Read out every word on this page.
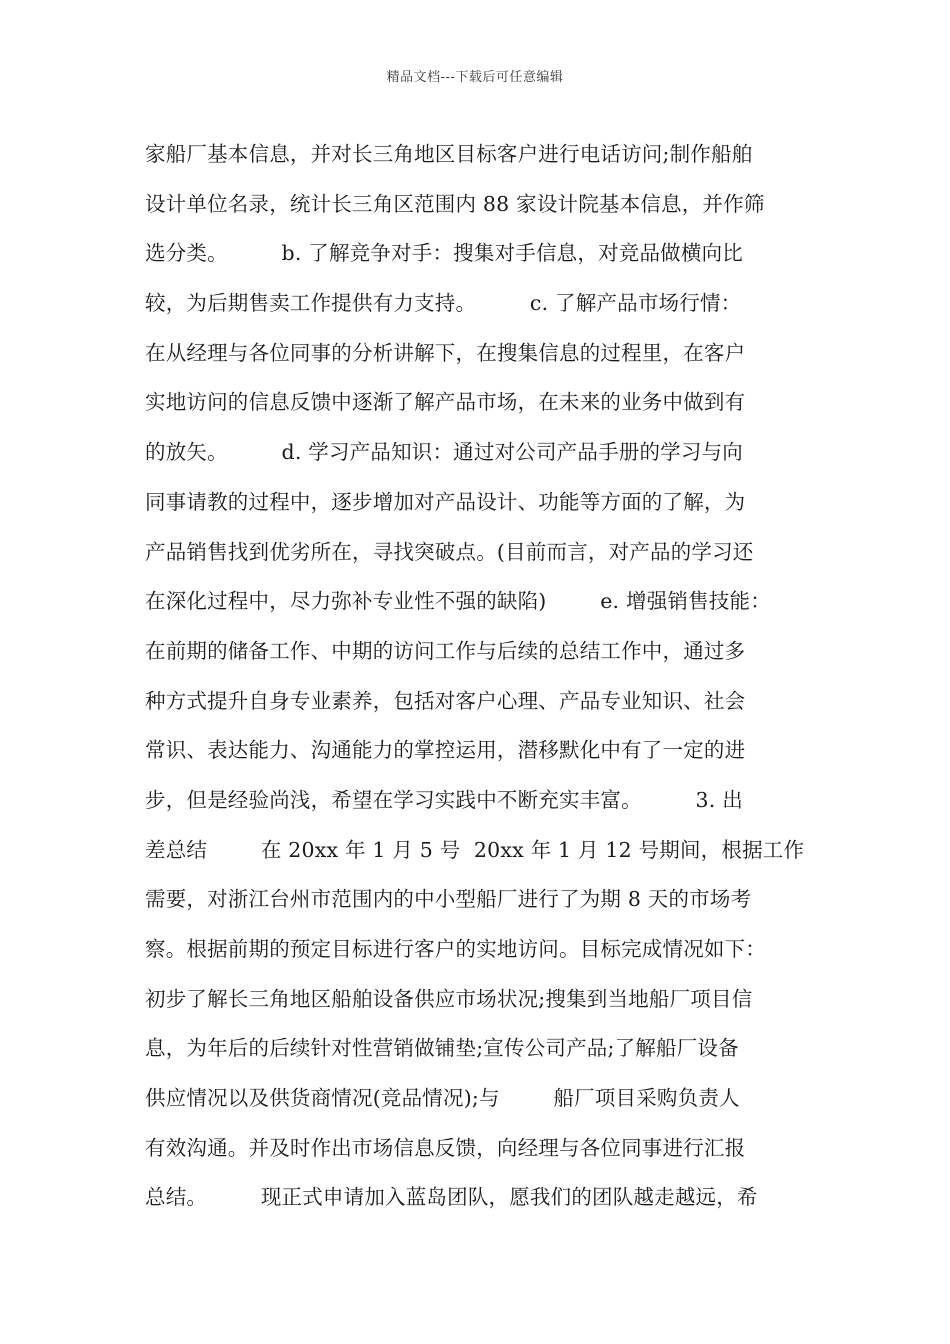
精品文档---下载后可任意编辑
家船厂基本信息，并对长三角地区目标客户进行电话访问;制作船舶
设计单位名录，统计长三角区范围内 88 家设计院基本信息，并作筛
选分类。        b. 了解竞争对手：搜集对手信息，对竞品做横向比
较，为后期售卖工作提供有力支持。        c. 了解产品市场行情：
在从经理与各位同事的分析讲解下，在搜集信息的过程里，在客户
实地访问的信息反馈中逐渐了解产品市场，在未来的业务中做到有
的放矢。        d. 学习产品知识：通过对公司产品手册的学习与向
同事请教的过程中，逐步增加对产品设计、功能等方面的了解，为
产品销售找到优劣所在，寻找突破点。(目前而言，对产品的学习还
在深化过程中，尽力弥补专业性不强的缺陷)        e. 增强销售技能：
在前期的储备工作、中期的访问工作与后续的总结工作中，通过多
种方式提升自身专业素养，包括对客户心理、产品专业知识、社会
常识、表达能力、沟通能力的掌控运用，潜移默化中有了一定的进
步，但是经验尚浅，希望在学习实践中不断充实丰富。        3. 出
差总结        在 20xx 年 1 月 5 号  20xx 年 1 月 12 号期间，根据工作
需要，对浙江台州市范围内的中小型船厂进行了为期 8 天的市场考
察。根据前期的预定目标进行客户的实地访问。目标完成情况如下：
初步了解长三角地区船舶设备供应市场状况;搜集到当地船厂项目信
息，为年后的后续针对性营销做铺垫;宣传公司产品;了解船厂设备
供应情况以及供货商情况(竞品情况);与        船厂项目采购负责人
有效沟通。并及时作出市场信息反馈，向经理与各位同事进行汇报
总结。        现正式申请加入蓝岛团队，愿我们的团队越走越远，希
